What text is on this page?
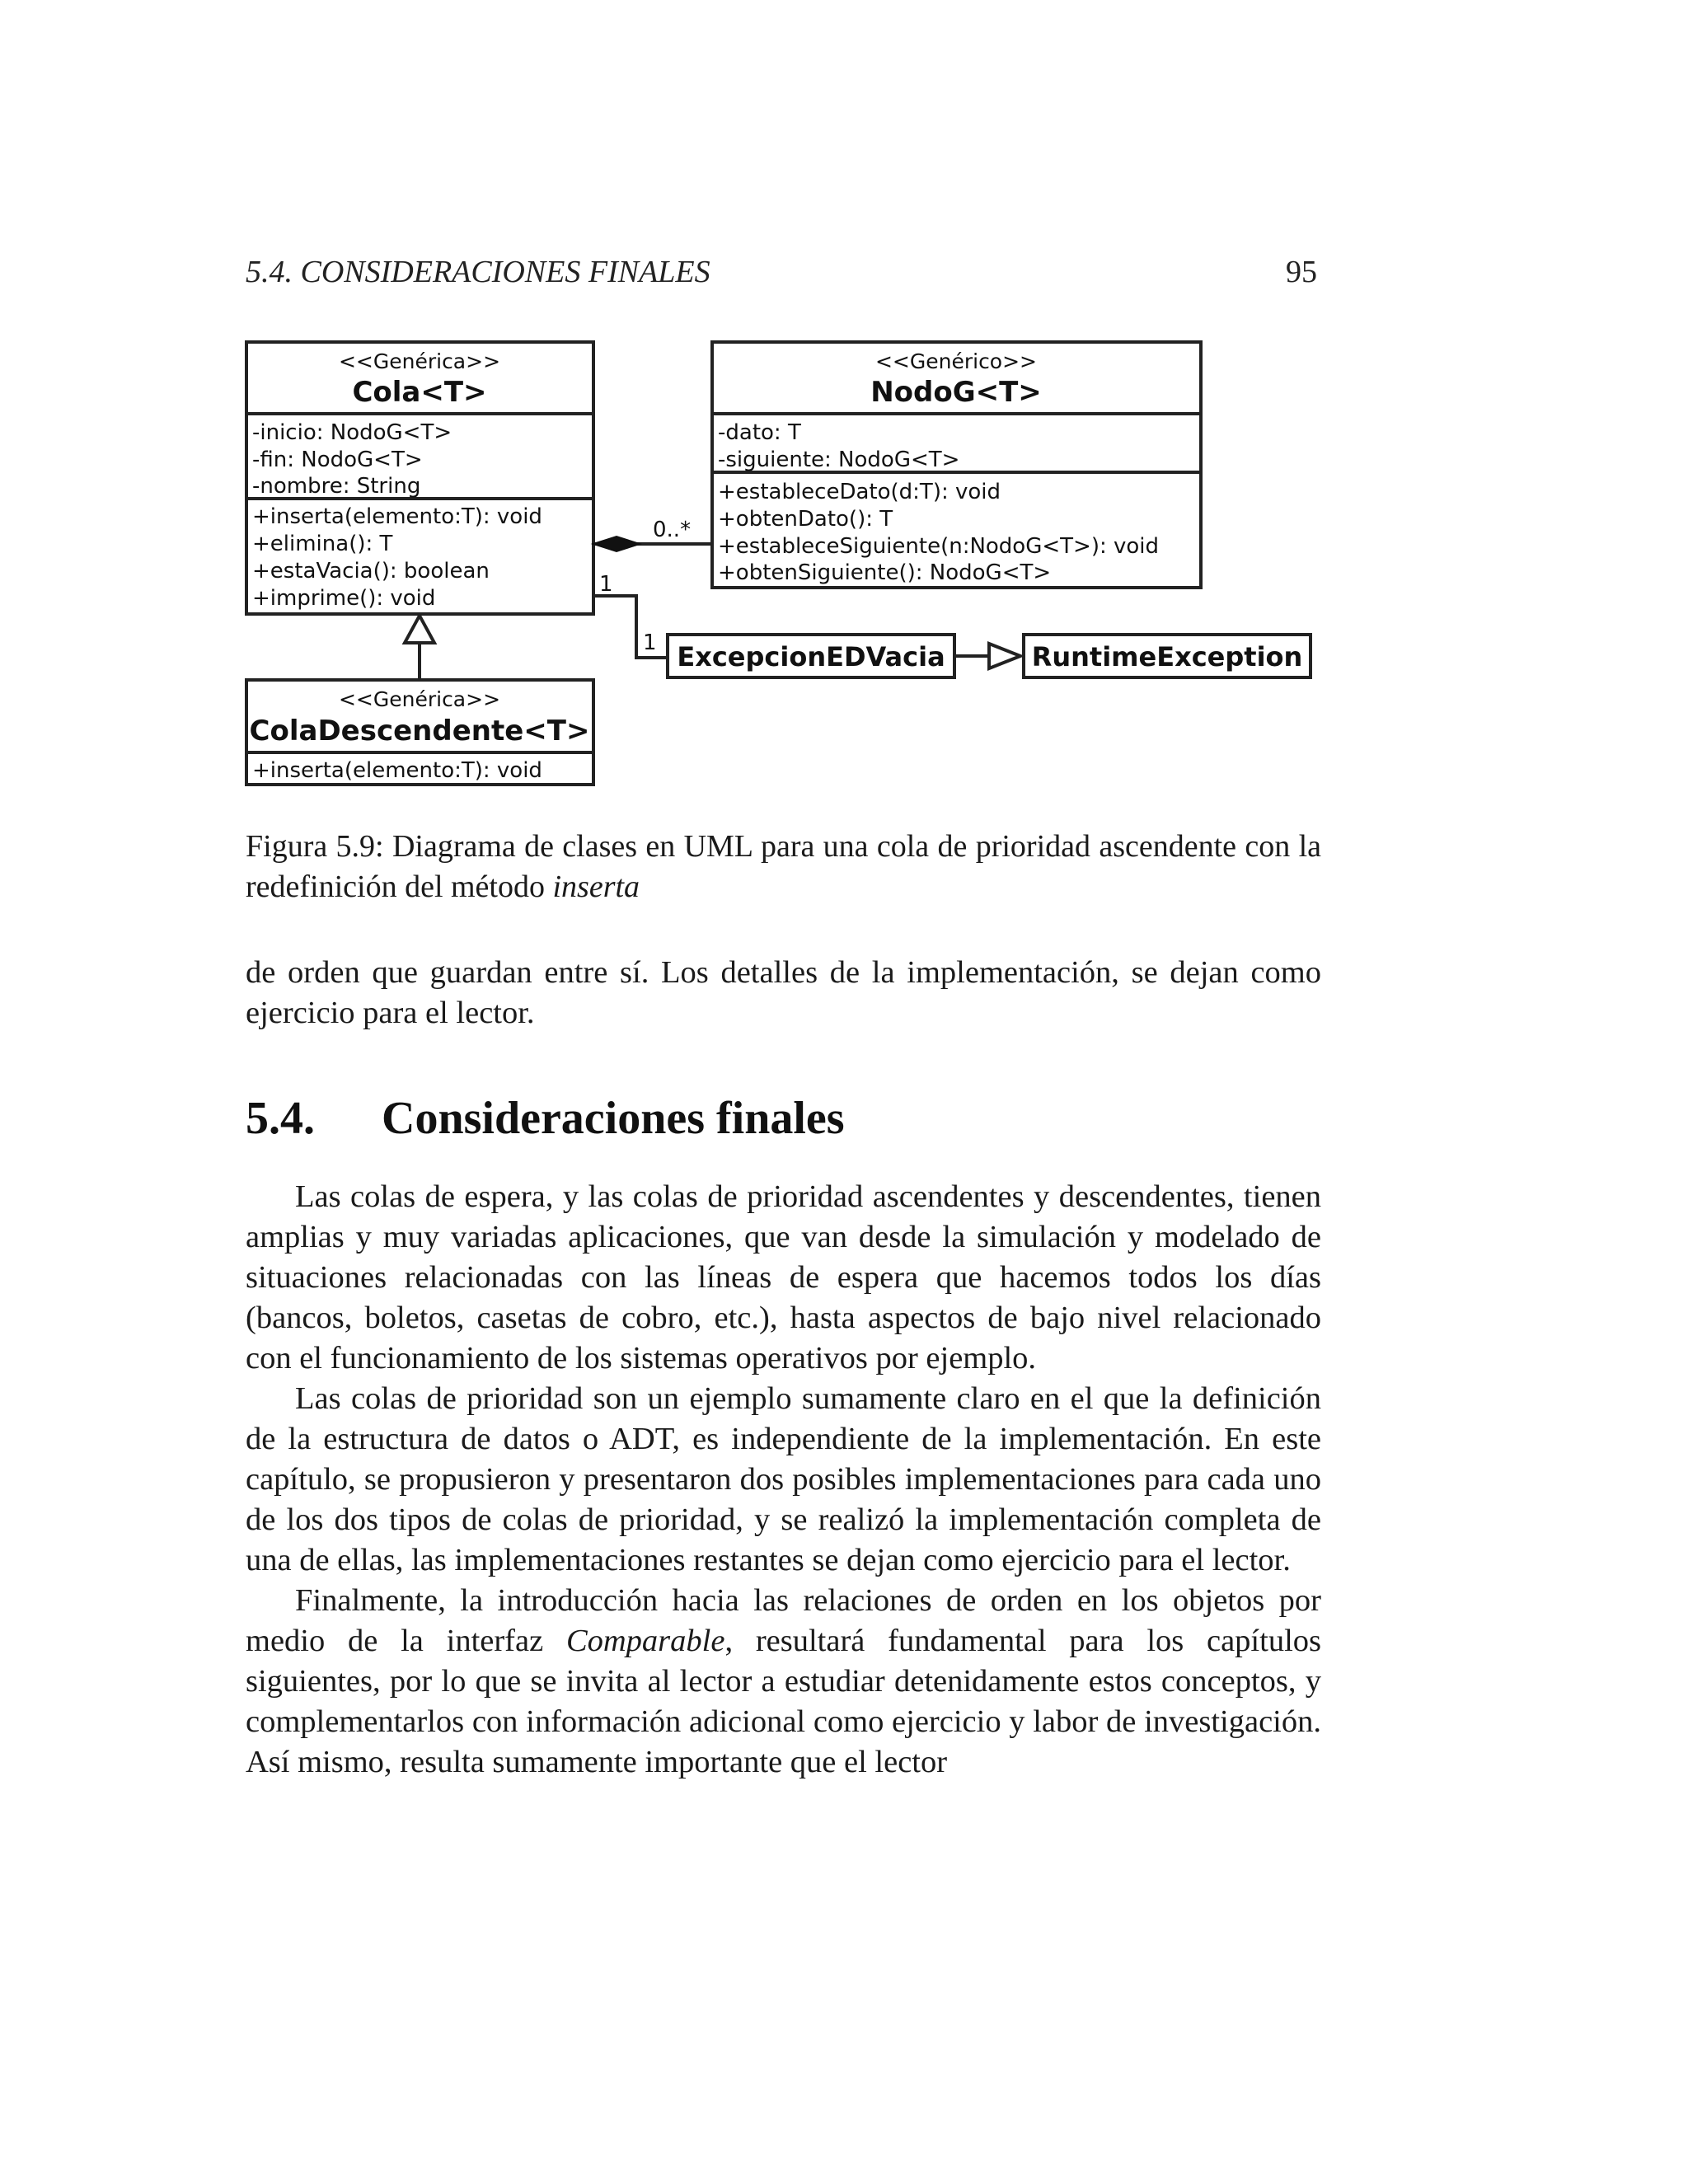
5.4. CONSIDERACIONES FINALES	95
<<Genérica>>
Cola<T>
-inicio: NodoG<T>
-fin: NodoG<T>
-nombre: String
+inserta(elemento:T): void
+elimina(): T
+estaVacia(): boolean
+imprime(): void
-dato: T
-siguiente: NodoG<T>
+estableceDato(d:T): void
+obtenDato(): T
+estableceSiguiente(n:NodoG<T>): void
+obtenSiguiente(): NodoG<T>
+inserta(elemento:T): void
0..*
1
1
<<Genérico>>
NodoG<T>
<<Genérica>>
ColaDescendente<T>
ExcepcionEDVacia	RuntimeException
Figura 5.9: Diagrama de clases en UML para una cola de prioridad ascendente con la redefinición del método inserta

de orden que guardan entre sí. Los detalles de la implementación, se dejan como ejercicio para el lector.

5.4. Consideraciones finales

Las colas de espera, y las colas de prioridad ascendentes y descendentes, tienen amplias y muy variadas aplicaciones, que van desde la simulación y modelado de situaciones relacionadas con las líneas de espera que hacemos todos los días (bancos, boletos, casetas de cobro, etc.), hasta aspectos de bajo nivel relacionado con el funcionamiento de los sistemas operativos por ejemplo.

Las colas de prioridad son un ejemplo sumamente claro en el que la definición de la estructura de datos o ADT, es independiente de la implementación. En este capítulo, se propusieron y presentaron dos posibles implementaciones para cada uno de los dos tipos de colas de prioridad, y se realizó la implementación completa de una de ellas, las implementaciones restantes se dejan como ejercicio para el lector.

Finalmente, la introducción hacia las relaciones de orden en los objetos por medio de la interfaz Comparable, resultará fundamental para los capítulos siguientes, por lo que se invita al lector a estudiar detenidamente estos conceptos, y complementarlos con información adicional como ejercicio y labor de investigación. Así mismo, resulta sumamente importante que el lector
